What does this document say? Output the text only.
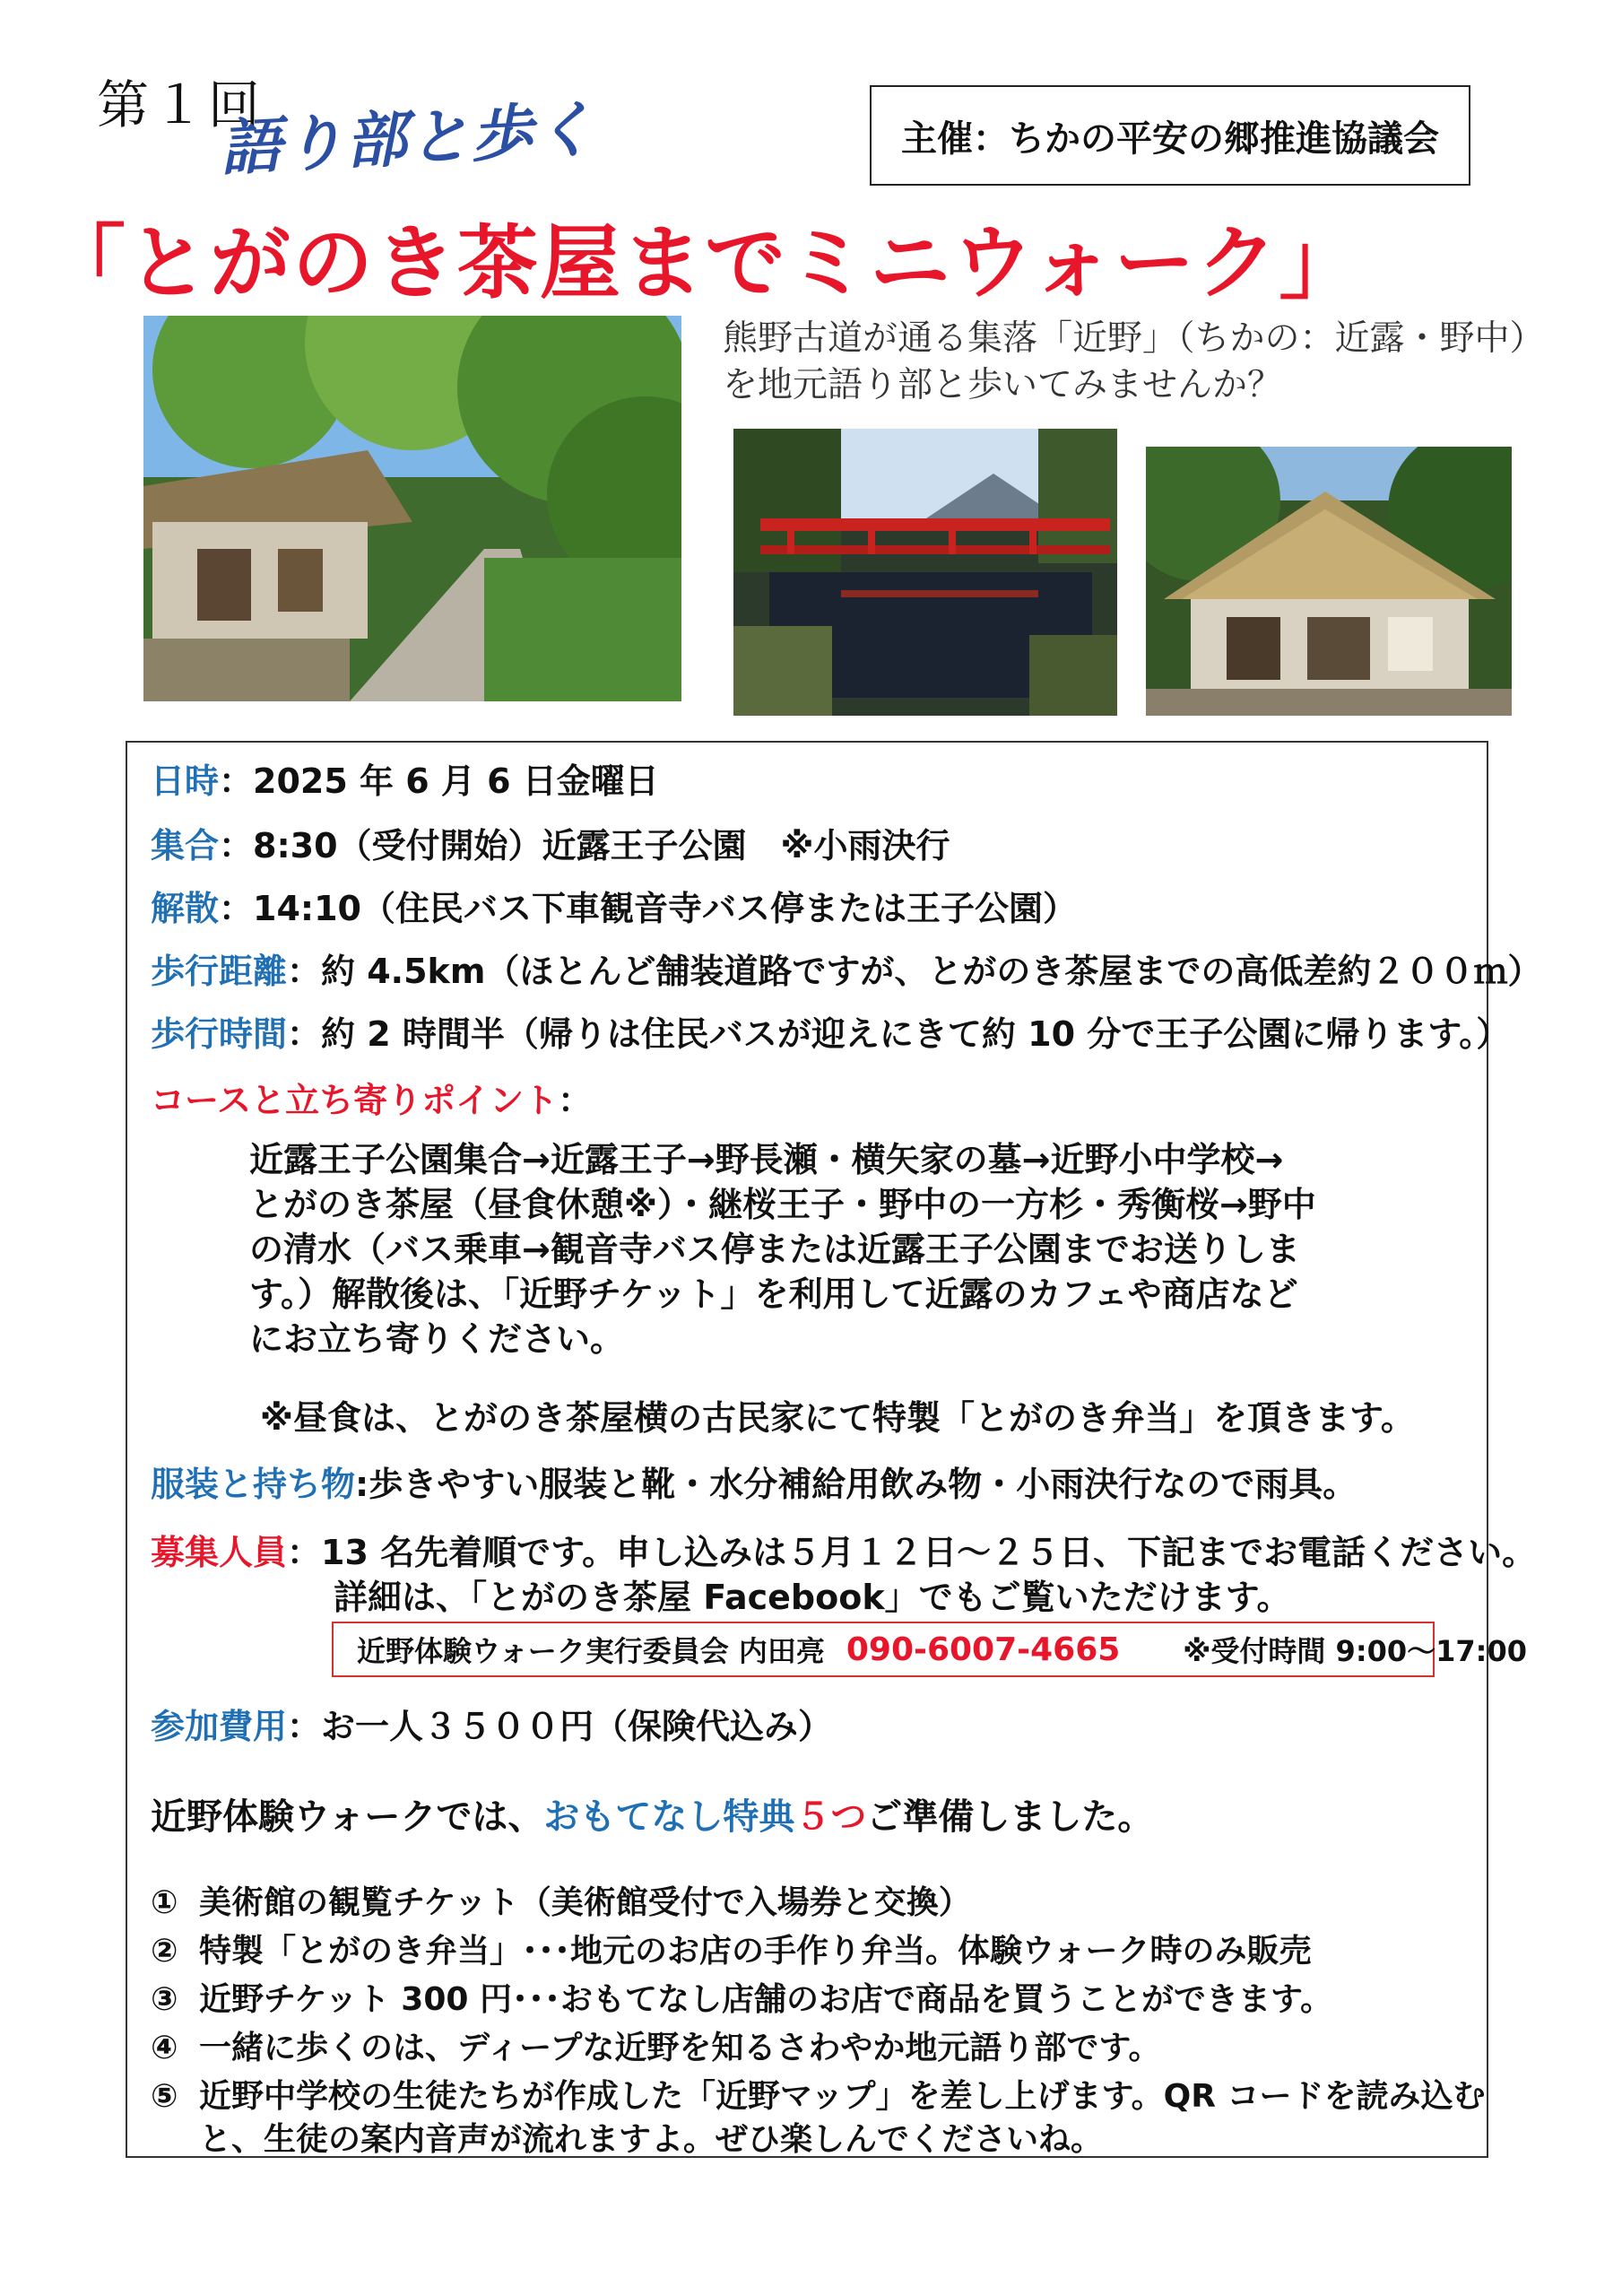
第１回
語り部と歩く
「とがのき茶屋までミニウォーク」
主催：ちかの平安の郷推進協議会
熊野古道が通る集落「近野」（ちかの：近露・野中）
を地元語り部と歩いてみませんか？
日時：2025 年 6 月 6 日金曜日
集合：8:30（受付開始）近露王子公園　※小雨決行
解散：14:10（住民バス下車観音寺バス停または王子公園）
歩行距離：約 4.5km（ほとんど舗装道路ですが、とがのき茶屋までの高低差約２００ｍ）
歩行時間：約 2 時間半（帰りは住民バスが迎えにきて約 10 分で王子公園に帰ります。）
コースと立ち寄りポイント：
近露王子公園集合→近露王子→野長瀬・横矢家の墓→近野小中学校→
とがのき茶屋（昼食休憩※）・継桜王子・野中の一方杉・秀衡桜→野中
の清水（バス乗車→観音寺バス停または近露王子公園までお送りしま
す。）解散後は、「近野チケット」を利用して近露のカフェや商店など
にお立ち寄りください。
※昼食は、とがのき茶屋横の古民家にて特製「とがのき弁当」を頂きます。
服装と持ち物:歩きやすい服装と靴・水分補給用飲み物・小雨決行なので雨具。
募集人員：13 名先着順です。申し込みは５月１２日～２５日、下記までお電話ください。
詳細は、「とがのき茶屋 Facebook」でもご覧いただけます。
近野体験ウォーク実行委員会 内田亮 090-6007-4665 ※受付時間 9:00～17:00
参加費用：お一人３５００円（保険代込み）
近野体験ウォークでは、おもてなし特典５つご準備しました。
① 美術館の観覧チケット（美術館受付で入場券と交換）
② 特製「とがのき弁当」･･･地元のお店の手作り弁当。体験ウォーク時のみ販売
③ 近野チケット 300 円･･･おもてなし店舗のお店で商品を買うことができます。
④ 一緒に歩くのは、ディープな近野を知るさわやか地元語り部です。
⑤ 近野中学校の生徒たちが作成した「近野マップ」を差し上げます。QR コードを読み込む
と、生徒の案内音声が流れますよ。ぜひ楽しんでくださいね。
